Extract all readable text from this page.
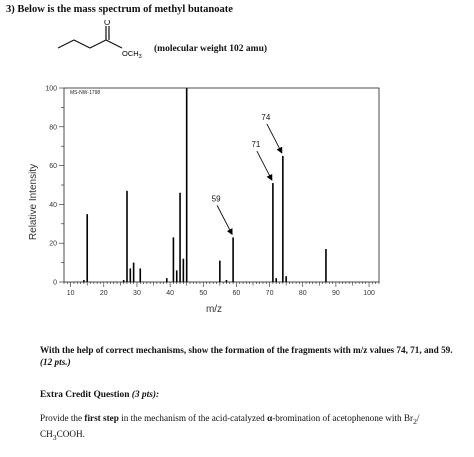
3) Below is the mass spectrum of methyl butanoate
O
$OCH_3$
(molecular weight 102 amu)
10	20	30	40	50	60	70	80	90	100
0
20
40
60
80
100
59
71
74
MS-NW-1798
m/z
Relative Intensity
With the help of correct mechanisms, show the formation of the fragments with m/z values 74, 71, and 59.
(12 pts.)
Extra Credit Question (3 pts):
Provide the first step in the mechanism of the acid-catalyzed α-bromination of acetophenone with $Br_2/$
$CH_3COOH$.
